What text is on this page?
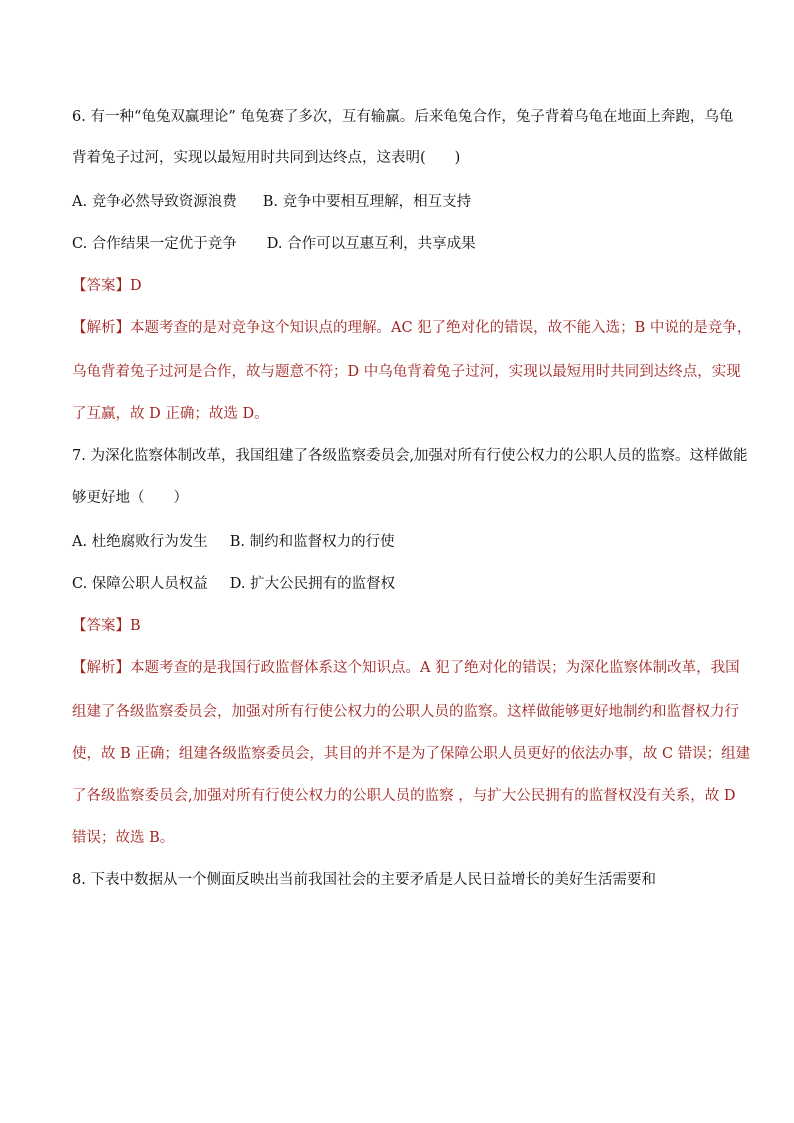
6. 有一种“龟兔双赢理论” 龟兔赛了多次，互有输赢。后来龟兔合作，兔子背着乌龟在地面上奔跑，乌龟
背着兔子过河，实现以最短用时共同到达终点，这表明(　　)
A. 竞争必然导致资源浪费 B. 竞争中要相互理解，相互支持
C. 合作结果一定优于竞争 D. 合作可以互惠互利，共享成果
【答案】D
【解析】本题考查的是对竞争这个知识点的理解。AC 犯了绝对化的错误，故不能入选；B 中说的是竞争，
乌龟背着兔子过河是合作，故与题意不符；D 中乌龟背着兔子过河，实现以最短用时共同到达终点，实现
了互赢，故 D 正确；故选 D。
7. 为深化监察体制改革，我国组建了各级监察委员会,加强对所有行使公权力的公职人员的监察。这样做能
够更好地（　　）
A. 杜绝腐败行为发生 B. 制约和监督权力的行使
C. 保障公职人员权益 D. 扩大公民拥有的监督权
【答案】B
【解析】本题考查的是我国行政监督体系这个知识点。A 犯了绝对化的错误；为深化监察体制改革，我国
组建了各级监察委员会，加强对所有行使公权力的公职人员的监察。这样做能够更好地制约和监督权力行
使，故 B 正确；组建各级监察委员会，其目的并不是为了保障公职人员更好的依法办事，故 C 错误；组建
了各级监察委员会,加强对所有行使公权力的公职人员的监察 ，与扩大公民拥有的监督权没有关系，故 D
错误；故选 B。
8. 下表中数据从一个侧面反映出当前我国社会的主要矛盾是人民日益增长的美好生活需要和
